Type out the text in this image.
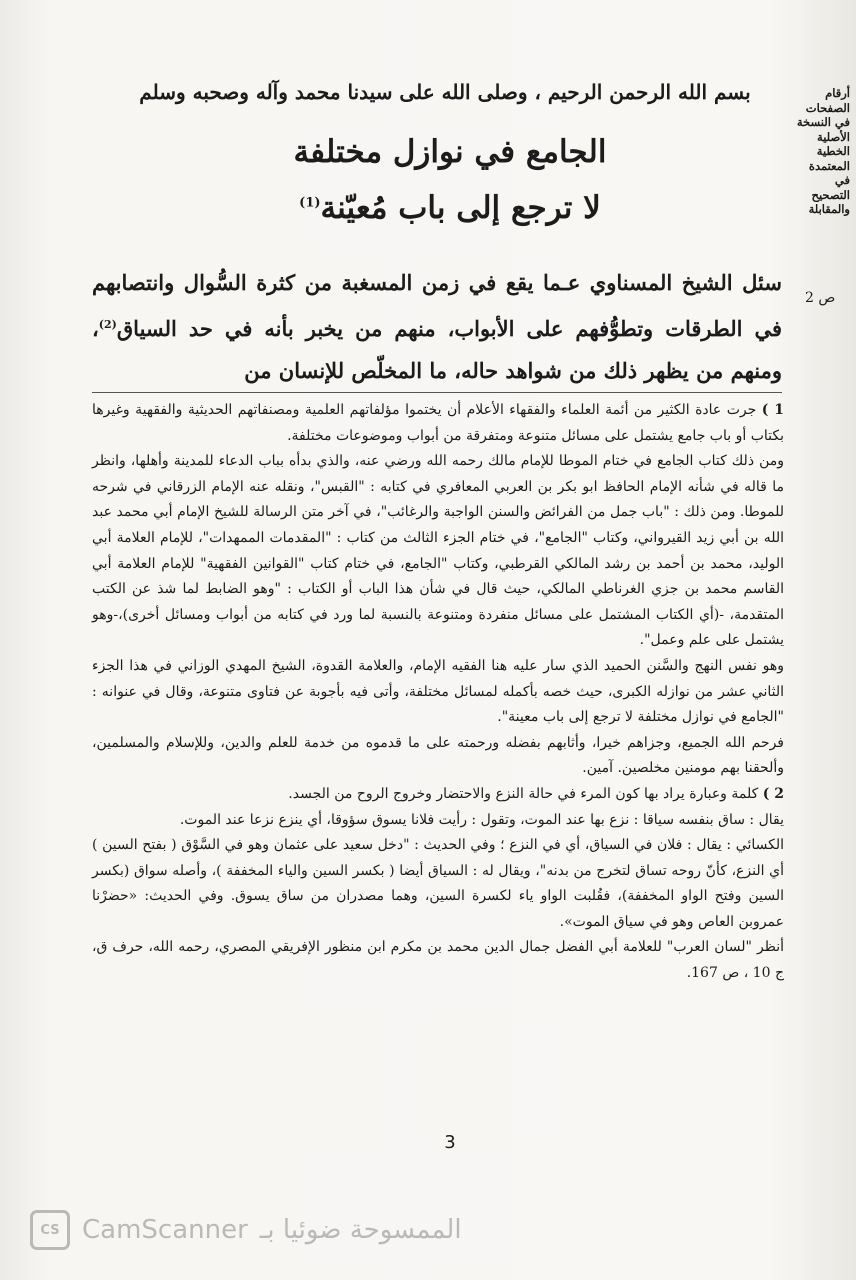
بسم الله الرحمن الرحيم ، وصلى الله على سيدنا محمد وآله وصحبه وسلم	أرقام الصفحات في النسخة الأصلية الخطية المعتمدة في التصحيح والمقابلة
ص 2
الجامع في نوازل مختلفة
لا ترجع إلى باب مُعيّنة$^{(1)}$
سئل الشيخ المسناوي عـما يقع في زمن المسغبة من كثرة السُّوال وانتصابهم في الطرقات وتطوُّفهم على الأبواب، منهم من يخبر بأنه في حد السياق$^{(2)}$، ومنهم من يظهر ذلك من شواهد حاله، ما المخلّص للإنسان من

1 ) جرت عادة الكثير من أئمة العلماء والفقهاء الأعلام أن يختموا مؤلفاتهم العلمية ومصنفاتهم الحديثية والفقهية وغيرها بكتاب أو باب جامع يشتمل على مسائل متنوعة ومتفرقة من أبواب وموضوعات مختلفة.

ومن ذلك كتاب الجامع في ختام الموطا للإمام مالك رحمه الله ورضي عنه، والذي بدأه بباب الدعاء للمدينة وأهلها، وانظر ما قاله في شأنه الإمام الحافظ ابو بكر بن العربي المعافري في كتابه : "القبس"، ونقله عنه الإمام الزرقاني في شرحه للموطا. ومن ذلك : "باب جمل من الفرائض والسنن الواجبة والرغائب"، في آخر متن الرسالة للشيخ الإمام أبي محمد عبد الله بن أبي زيد القيرواني، وكتاب "الجامع"، في ختام الجزء الثالث من كتاب : "المقدمات الممهدات"، للإمام العلامة أبي الوليد، محمد بن أحمد بن رشد المالكي القرطبي، وكتاب "الجامع، في ختام كتاب "القوانين الفقهية" للإمام العلامة أبي القاسم محمد بن جزي الغرناطي المالكي، حيث قال في شأن هذا الباب أو الكتاب : "وهو الضابط لما شذ عن الكتب المتقدمة، -(أي الكتاب المشتمل على مسائل منفردة ومتنوعة بالنسبة لما ورد في كتابه من أبواب ومسائل أخرى)،-وهو يشتمل على علم وعمل".

وهو نفس النهج والسَّنن الحميد الذي سار عليه هنا الفقيه الإمام، والعلامة القدوة، الشيخ المهدي الوزاني في هذا الجزء الثاني عشر من نوازله الكبرى، حيث خصه بأكمله لمسائل مختلفة، وأتى فيه بأجوبة عن فتاوى متنوعة، وقال في عنوانه : "الجامع في نوازل مختلفة لا ترجع إلى باب معينة".

فرحم الله الجميع، وجزاهم خيرا، وأثابهم بفضله ورحمته على ما قدموه من خدمة للعلم والدين، وللإسلام والمسلمين، وألحقنا بهم مومنين مخلصين. آمين.

2 ) كلمة وعبارة يراد بها كون المرء في حالة النزع والاحتضار وخروج الروح من الجسد.

يقال : ساق بنفسه سياقا : نزع بها عند الموت، وتقول : رأيت فلانا يسوق سؤوقا، أي ينزع نزعا عند الموت.

الكسائي : يقال : فلان في السياق، أي في النزع ؛ وفي الحديث : "دخل سعيد على عثمان وهو في السَّوْق ( بفتح السين ) أي النزع، كأنّ روحه تساق لتخرج من بدنه"، ويقال له : السياق أيضا ( بكسر السين والياء المخففة )، وأصله سواق (بكسر السين وفتح الواو المخففة)، فقُلبت الواو ياء لكسرة السين، وهما مصدران من ساق يسوق. وفي الحديث: «حضرْنا عمروبن العاص وهو في سياق الموت».

أنظر "لسان العرب" للعلامة أبي الفضل جمال الدين محمد بن مكرم ابن منظور الإفريقي المصري، رحمه الله، حرف ق، ج 10 ، ص 167.

3
CS CamScanner الممسوحة ضوئيا بـ
